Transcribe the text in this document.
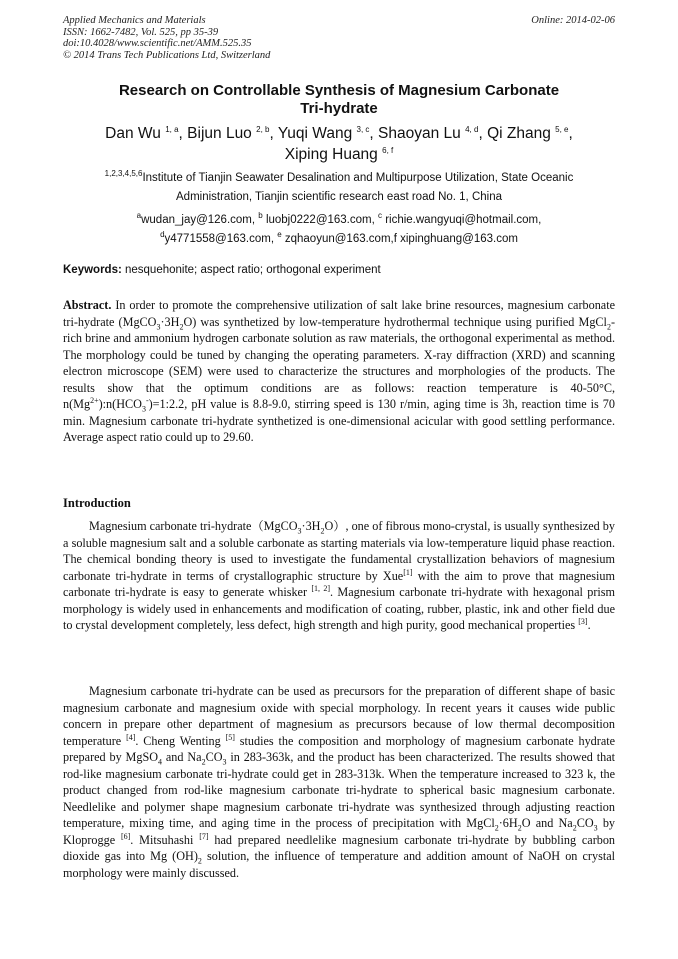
Applied Mechanics and Materials
ISSN: 1662-7482, Vol. 525, pp 35-39
doi:10.4028/www.scientific.net/AMM.525.35
© 2014 Trans Tech Publications Ltd, Switzerland
Online: 2014-02-06
Research on Controllable Synthesis of Magnesium Carbonate
Tri-hydrate
Dan Wu $^{1, a}$, Bijun Luo $^{2, b}$, Yuqi Wang $^{3, c}$, Shaoyan Lu $^{4, d}$, Qi Zhang $^{5, e}$,
Xiping Huang $^{6, f}$
$^{1,2,3,4,5,6}$Institute of Tianjin Seawater Desalination and Multipurpose Utilization, State Oceanic Administration, Tianjin scientific research east road No. 1, China
$^a$wudan_jay@126.com, $^b$ luobj0222@163.com, $^c$ richie.wangyuqi@hotmail.com,
$^d$y4771558@163.com, $^e$ zqhaoyun@163.com,f xipinghuang@163.com
Keywords: nesquehonite; aspect ratio; orthogonal experiment
Abstract. In order to promote the comprehensive utilization of salt lake brine resources, magnesium carbonate tri-hydrate $(MgCO_3\cdot 3H_2O)$ was synthetized by low-temperature hydrothermal technique using purified MgCl$_2$-rich brine and ammonium hydrogen carbonate solution as raw materials, the orthogonal experimental as method. The morphology could be tuned by changing the operating parameters. X-ray diffraction (XRD) and scanning electron microscope (SEM) were used to characterize the structures and morphologies of the products. The results show that the optimum conditions are as follows: reaction temperature is 40-50°C, $n(Mg^{2+}):n(HCO_3^-)=1:2.2$, pH value is 8.8-9.0, stirring speed is 130 r/min, aging time is 3h, reaction time is 70 min. Magnesium carbonate tri-hydrate synthetized is one-dimensional acicular with good settling performance. Average aspect ratio could up to 29.60.
Introduction
Magnesium carbonate tri-$hydrate(MgCO_3\cdot 3H_2O)$, one of fibrous mono-crystal, is usually synthesized by a soluble magnesium salt and a soluble carbonate as starting materials via low-temperature liquid phase reaction. The chemical bonding theory is used to investigate the fundamental crystallization behaviors of magnesium carbonate tri-hydrate in terms of crystallographic structure by Xue[1] with the aim to prove that magnesium carbonate tri-hydrate is easy to generate whisker [1, 2]. Magnesium carbonate tri-hydrate with hexagonal prism morphology is widely used in enhancements and modification of coating, rubber, plastic, ink and other field due to crystal development completely, less defect, high strength and high purity, good mechanical properties [3].
Magnesium carbonate tri-hydrate can be used as precursors for the preparation of different shape of basic magnesium carbonate and magnesium oxide with special morphology. In recent years it causes wide public concern in prepare other department of magnesium as precursors because of low thermal decomposition temperature [4]. Cheng Wenting [5] studies the composition and morphology of magnesium carbonate hydrate prepared by MgSO$_4$ and $Na_2CO_3$ in 283-363k, and the product has been characterized. The results showed that rod-like magnesium carbonate tri-hydrate could get in 283-313k. When the temperature increased to 323 k, the product changed from rod-like magnesium carbonate tri-hydrate to spherical basic magnesium carbonate. Needlelike and polymer shape magnesium carbonate tri-hydrate was synthesized through adjusting reaction temperature, mixing time, and aging time in the process of precipitation with $MgCl_2\cdot 6H_2O$ and $Na_2CO_3$ by Kloprogge [6]. Mitsuhashi [7] had prepared needlelike magnesium carbonate tri-hydrate by bubbling carbon dioxide gas into Mg $(OH)_2$ solution, the influence of temperature and addition amount of NaOH on crystal morphology were mainly discussed.
